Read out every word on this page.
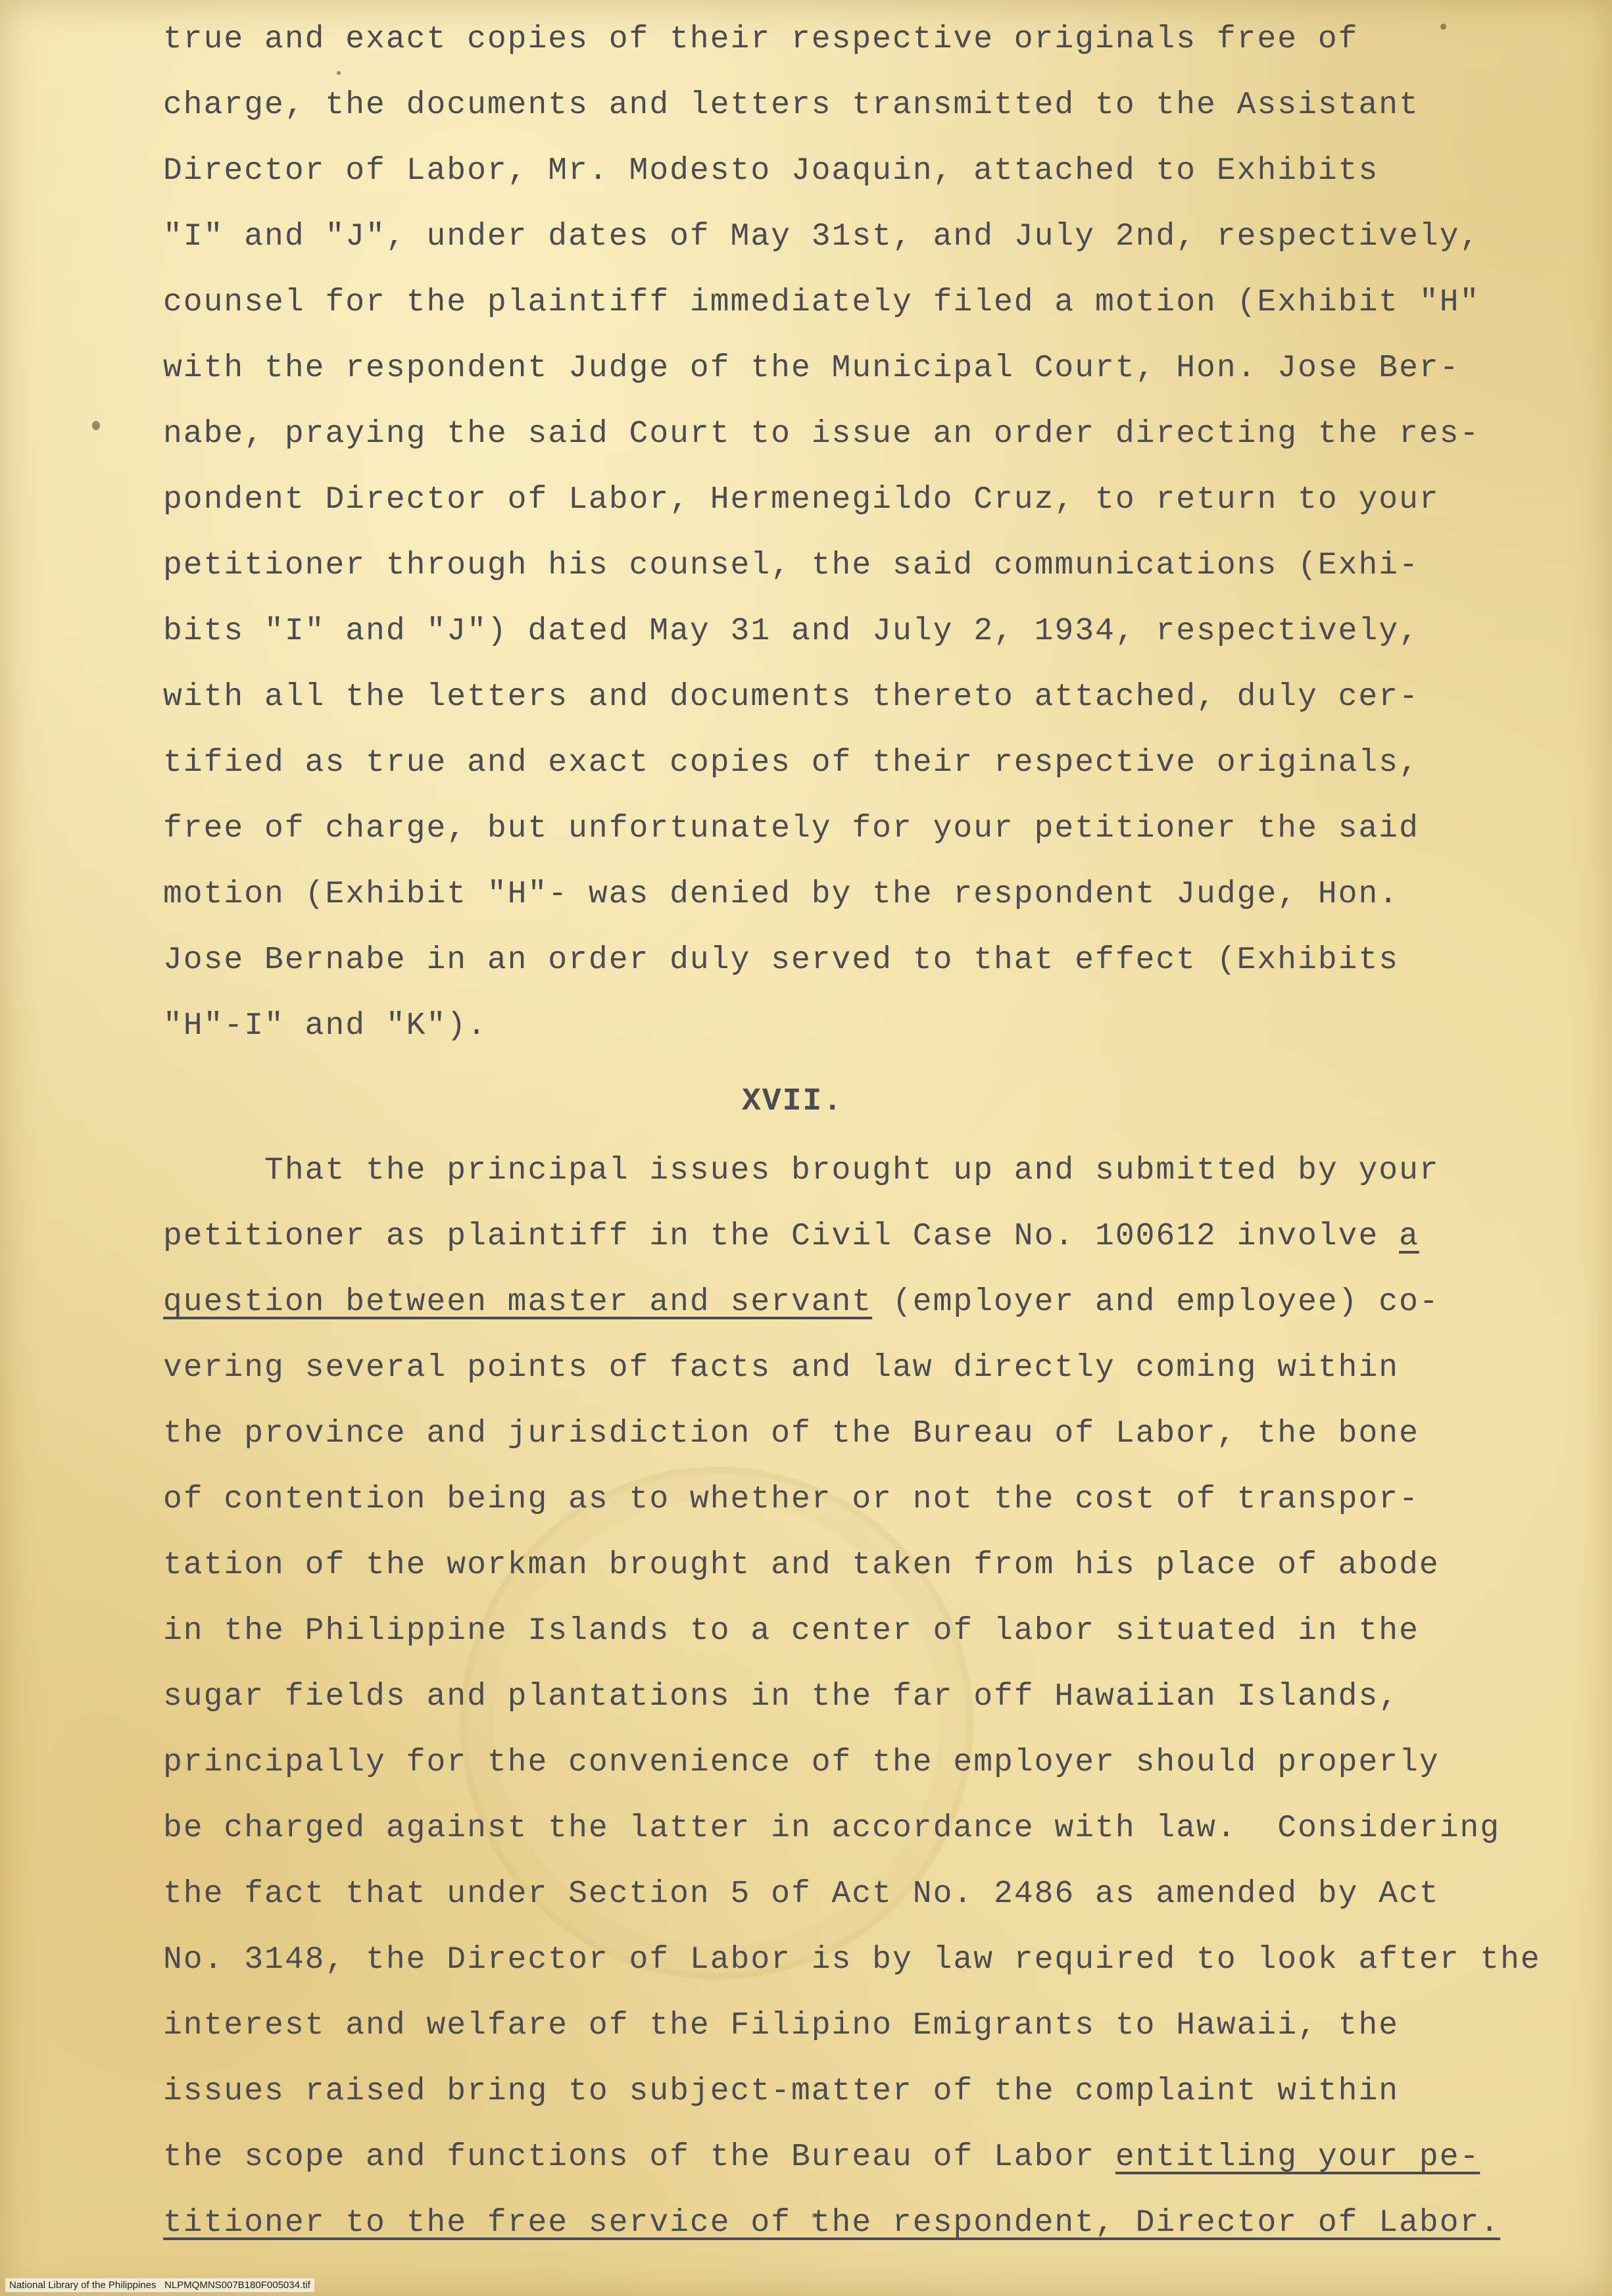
true and exact copies of their respective originals free of

charge, the documents and letters transmitted to the Assistant

Director of Labor, Mr. Modesto Joaquin, attached to Exhibits

"I" and "J", under dates of May 31st, and July 2nd, respectively,

counsel for the plaintiff immediately filed a motion (Exhibit "H"

with the respondent Judge of the Municipal Court, Hon. Jose Ber-

nabe, praying the said Court to issue an order directing the res-

pondent Director of Labor, Hermenegildo Cruz, to return to your

petitioner through his counsel, the said communications (Exhi-

bits "I" and "J") dated May 31 and July 2, 1934, respectively,

with all the letters and documents thereto attached, duly cer-

tified as true and exact copies of their respective originals,

free of charge, but unfortunately for your petitioner the said

motion (Exhibit "H"- was denied by the respondent Judge, Hon.

Jose Bernabe in an order duly served to that effect (Exhibits

"H"-I" and "K").

XVII.

That the principal issues brought up and submitted by your

petitioner as plaintiff in the Civil Case No. 100612 involve a

question between master and servant (employer and employee) co-

vering several points of facts and law directly coming within

the province and jurisdiction of the Bureau of Labor, the bone

of contention being as to whether or not the cost of transpor-

tation of the workman brought and taken from his place of abode

in the Philippine Islands to a center of labor situated in the

sugar fields and plantations in the far off Hawaiian Islands,

principally for the convenience of the employer should properly

be charged against the latter in accordance with law.  Considering

the fact that under Section 5 of Act No. 2486 as amended by Act

No. 3148, the Director of Labor is by law required to look after the

interest and welfare of the Filipino Emigrants to Hawaii, the

issues raised bring to subject-matter of the complaint within

the scope and functions of the Bureau of Labor entitling your pe-

titioner to the free service of the respondent, Director of Labor.

National Library of the Philippines NLPMQMNS007B180F005034.tif
